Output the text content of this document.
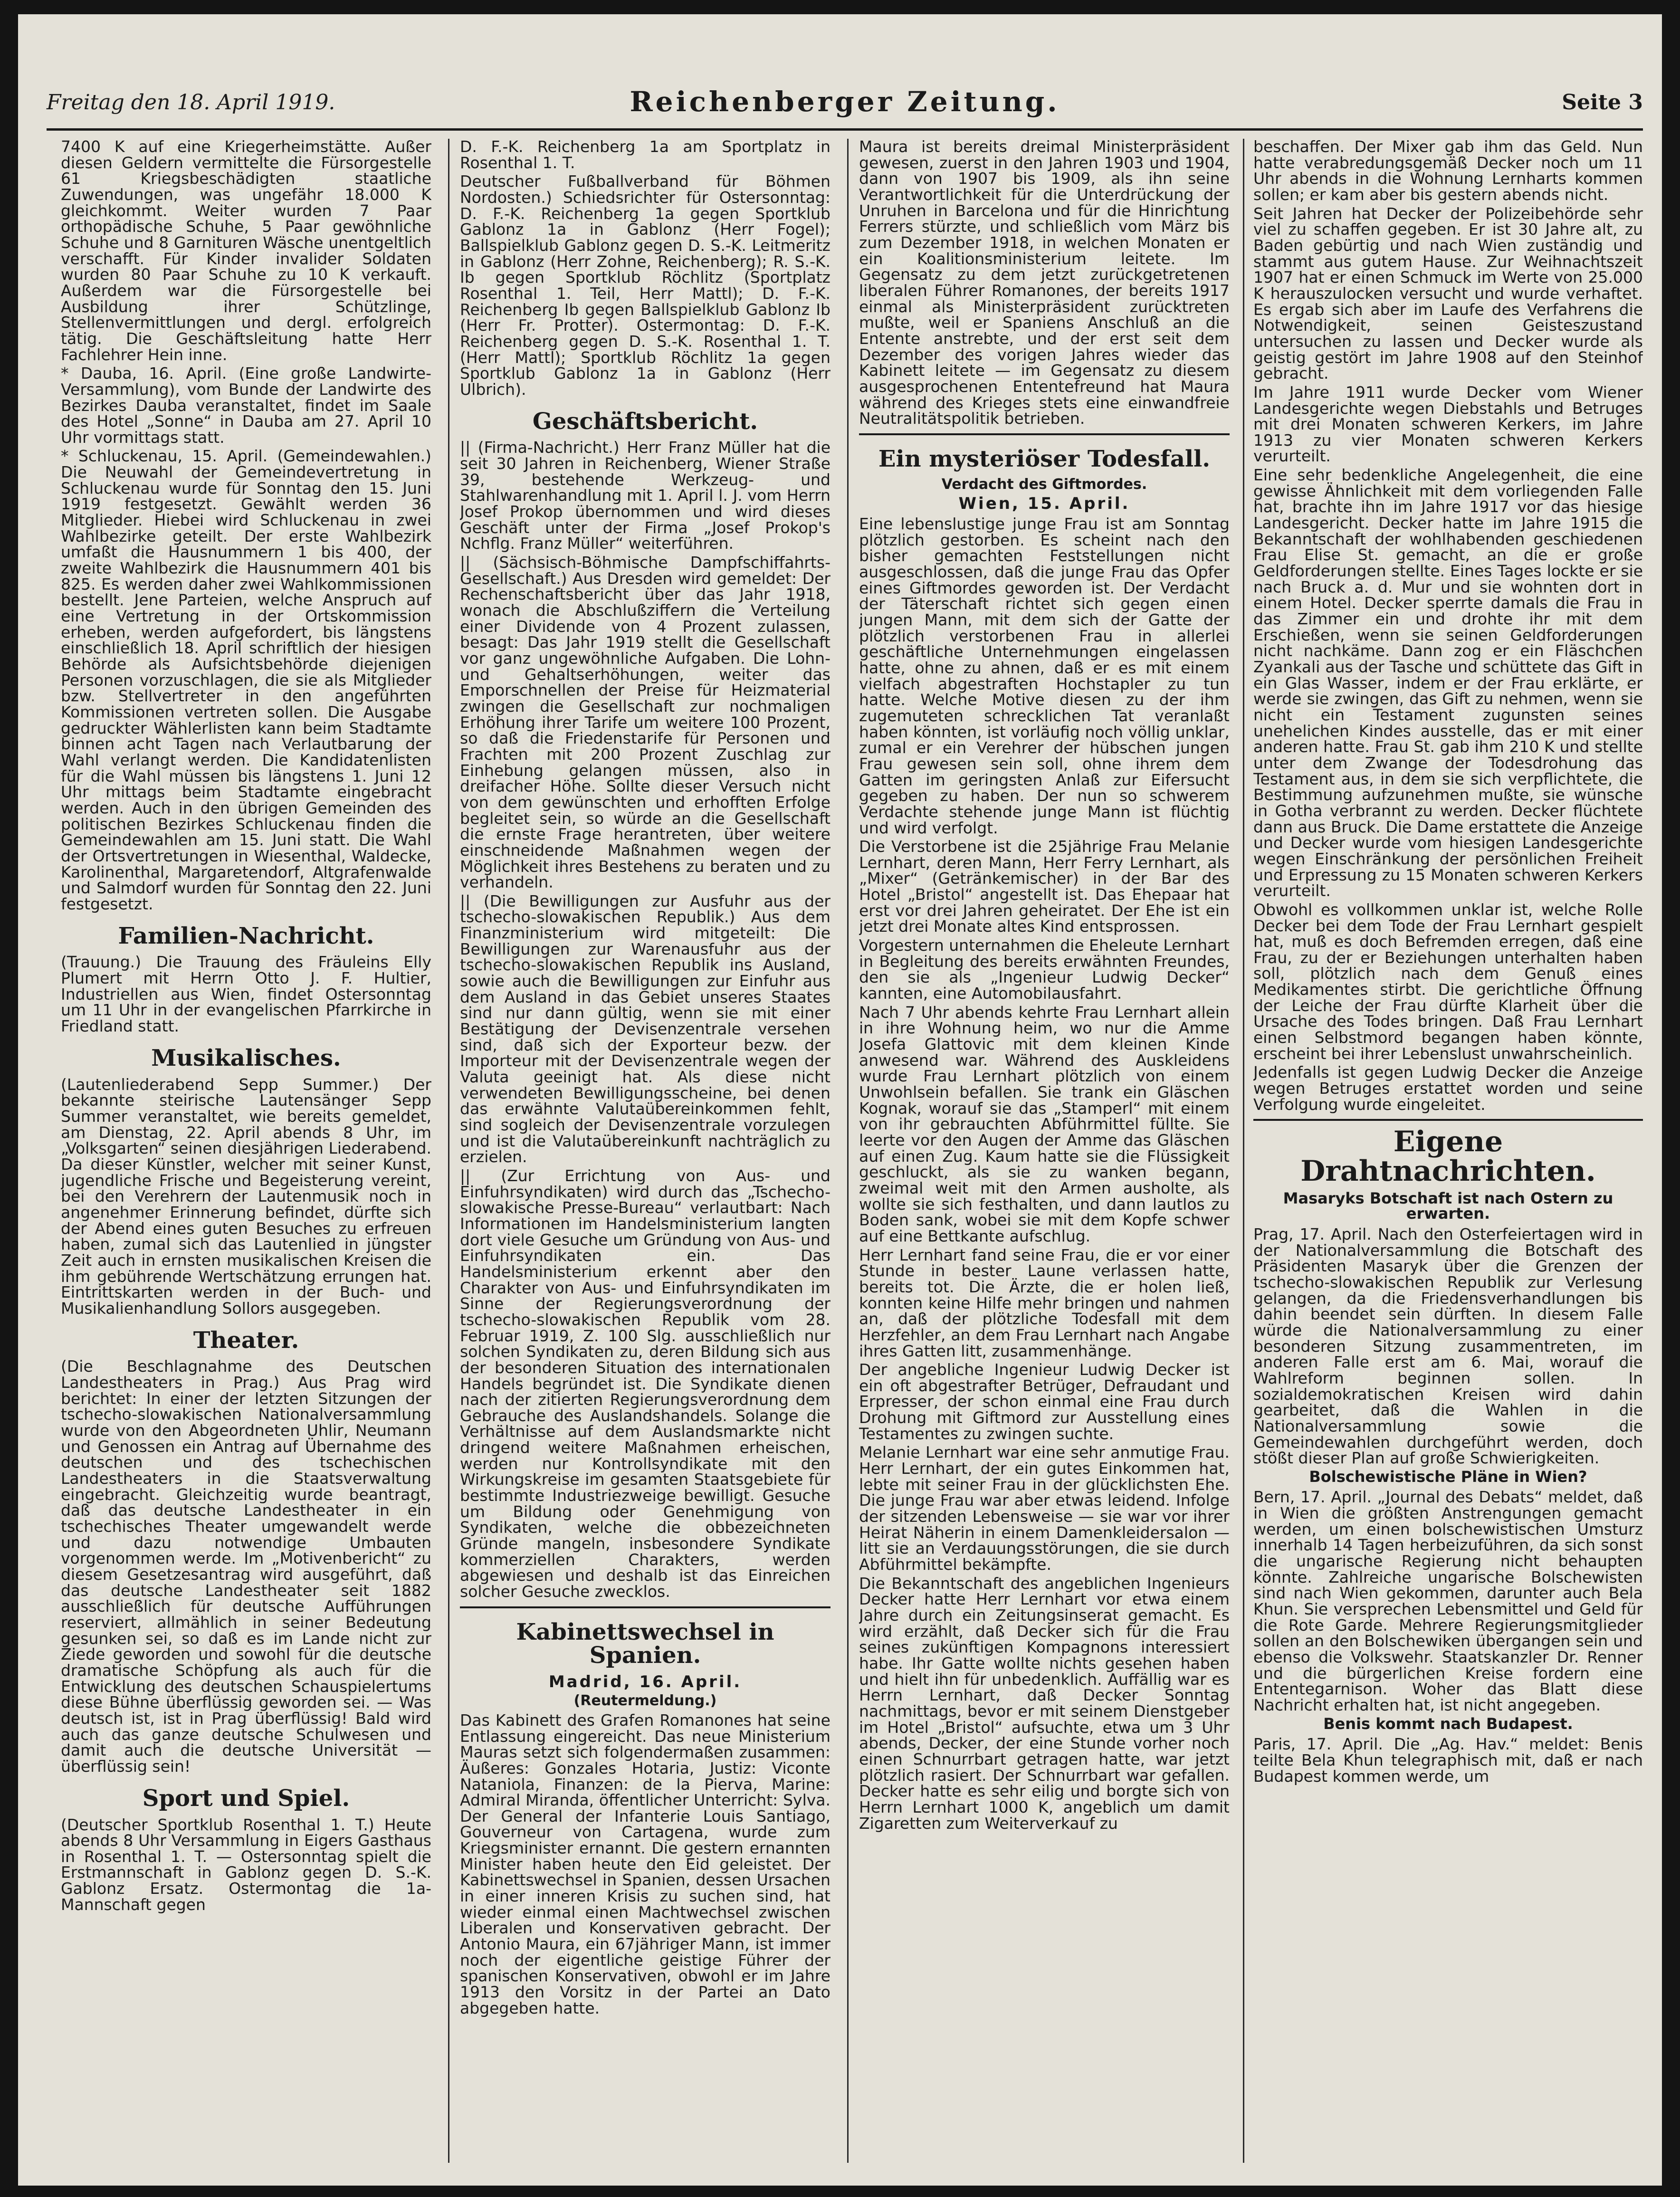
Freitag den 18. April 1919.	Reichenberger Zeitung.	Seite 3

7400 K auf eine Kriegerheimstätte. Außer diesen Geldern vermittelte die Fürsorgestelle 61 Kriegsbeschädigten staatliche Zuwendungen, was ungefähr 18.000 K gleichkommt. Weiter wurden 7 Paar orthopädische Schuhe, 5 Paar gewöhnliche Schuhe und 8 Garnituren Wäsche unentgeltlich verschafft. Für Kinder invalider Soldaten wurden 80 Paar Schuhe zu 10 K verkauft. Außerdem war die Fürsorgestelle bei Ausbildung ihrer Schützlinge, Stellenvermittlungen und dergl. erfolgreich tätig. Die Geschäftsleitung hatte Herr Fachlehrer Hein inne.

* Dauba, 16. April. (Eine große Landwirte-Versammlung), vom Bunde der Landwirte des Bezirkes Dauba veranstaltet, findet im Saale des Hotel „Sonne“ in Dauba am 27. April 10 Uhr vormittags statt.

* Schluckenau, 15. April. (Gemeindewahlen.) Die Neuwahl der Gemeindevertretung in Schluckenau wurde für Sonntag den 15. Juni 1919 festgesetzt. Gewählt werden 36 Mitglieder. Hiebei wird Schluckenau in zwei Wahlbezirke geteilt. Der erste Wahlbezirk umfaßt die Hausnummern 1 bis 400, der zweite Wahlbezirk die Hausnummern 401 bis 825. Es werden daher zwei Wahlkommissionen bestellt. Jene Parteien, welche Anspruch auf eine Vertretung in der Ortskommission erheben, werden aufgefordert, bis längstens einschließlich 18. April schriftlich der hiesigen Behörde als Aufsichtsbehörde diejenigen Personen vorzuschlagen, die sie als Mitglieder bzw. Stellvertreter in den angeführten Kommissionen vertreten sollen. Die Ausgabe gedruckter Wählerlisten kann beim Stadtamte binnen acht Tagen nach Verlautbarung der Wahl verlangt werden. Die Kandidatenlisten für die Wahl müssen bis längstens 1. Juni 12 Uhr mittags beim Stadtamte eingebracht werden. Auch in den übrigen Gemeinden des politischen Bezirkes Schluckenau finden die Gemeindewahlen am 15. Juni statt. Die Wahl der Ortsvertretungen in Wiesenthal, Waldecke, Karolinenthal, Margaretendorf, Altgrafenwalde und Salmdorf wurden für Sonntag den 22. Juni festgesetzt.

Familien-Nachricht.

(Trauung.) Die Trauung des Fräuleins Elly Plumert mit Herrn Otto J. F. Hultier, Industriellen aus Wien, findet Ostersonntag um 11 Uhr in der evangelischen Pfarrkirche in Friedland statt.

Musikalisches.

(Lautenliederabend Sepp Summer.) Der bekannte steirische Lautensänger Sepp Summer veranstaltet, wie bereits gemeldet, am Dienstag, 22. April abends 8 Uhr, im „Volksgarten“ seinen diesjährigen Liederabend. Da dieser Künstler, welcher mit seiner Kunst, jugendliche Frische und Begeisterung vereint, bei den Verehrern der Lautenmusik noch in angenehmer Erinnerung befindet, dürfte sich der Abend eines guten Besuches zu erfreuen haben, zumal sich das Lautenlied in jüngster Zeit auch in ernsten musikalischen Kreisen die ihm gebührende Wertschätzung errungen hat. Eintrittskarten werden in der Buch- und Musikalienhandlung Sollors ausgegeben.

Theater.

(Die Beschlagnahme des Deutschen Landestheaters in Prag.) Aus Prag wird berichtet: In einer der letzten Sitzungen der tschecho-slowakischen Nationalversammlung wurde von den Abgeordneten Uhlir, Neumann und Genossen ein Antrag auf Übernahme des deutschen und des tschechischen Landestheaters in die Staatsverwaltung eingebracht. Gleichzeitig wurde beantragt, daß das deutsche Landestheater in ein tschechisches Theater umgewandelt werde und dazu notwendige Umbauten vorgenommen werde. Im „Motivenbericht“ zu diesem Gesetzesantrag wird ausgeführt, daß das deutsche Landestheater seit 1882 ausschließlich für deutsche Aufführungen reserviert, allmählich in seiner Bedeutung gesunken sei, so daß es im Lande nicht zur Ziede geworden und sowohl für die deutsche dramatische Schöpfung als auch für die Entwicklung des deutschen Schauspielertums diese Bühne überflüssig geworden sei. — Was deutsch ist, ist in Prag überflüssig! Bald wird auch das ganze deutsche Schulwesen und damit auch die deutsche Universität — überflüssig sein!

Sport und Spiel.

(Deutscher Sportklub Rosenthal 1. T.) Heute abends 8 Uhr Versammlung in Eigers Gasthaus in Rosenthal 1. T. — Ostersonntag spielt die Erstmannschaft in Gablonz gegen D. S.-K. Gablonz Ersatz. Ostermontag die 1a-Mannschaft gegen

D. F.-K. Reichenberg 1a am Sportplatz in Rosenthal 1. T.

Deutscher Fußballverband für Böhmen Nordosten.) Schiedsrichter für Ostersonntag: D. F.-K. Reichenberg 1a gegen Sportklub Gablonz 1a in Gablonz (Herr Fogel); Ballspielklub Gablonz gegen D. S.-K. Leitmeritz in Gablonz (Herr Zohne, Reichenberg); R. S.-K. Ib gegen Sportklub Röchlitz (Sportplatz Rosenthal 1. Teil, Herr Mattl); D. F.-K. Reichenberg Ib gegen Ballspielklub Gablonz Ib (Herr Fr. Protter). Ostermontag: D. F.-K. Reichenberg gegen D. S.-K. Rosenthal 1. T. (Herr Mattl); Sportklub Röchlitz 1a gegen Sportklub Gablonz 1a in Gablonz (Herr Ulbrich).

Geschäftsbericht.

|| (Firma-Nachricht.) Herr Franz Müller hat die seit 30 Jahren in Reichenberg, Wiener Straße 39, bestehende Werkzeug- und Stahlwarenhandlung mit 1. April l. J. vom Herrn Josef Prokop übernommen und wird dieses Geschäft unter der Firma „Josef Prokop's Nchflg. Franz Müller“ weiterführen.

|| (Sächsisch-Böhmische Dampfschiffahrts-Gesellschaft.) Aus Dresden wird gemeldet: Der Rechenschaftsbericht über das Jahr 1918, wonach die Abschlußziffern die Verteilung einer Dividende von 4 Prozent zulassen, besagt: Das Jahr 1919 stellt die Gesellschaft vor ganz ungewöhnliche Aufgaben. Die Lohn- und Gehaltserhöhungen, weiter das Emporschnellen der Preise für Heizmaterial zwingen die Gesellschaft zur nochmaligen Erhöhung ihrer Tarife um weitere 100 Prozent, so daß die Friedenstarife für Personen und Frachten mit 200 Prozent Zuschlag zur Einhebung gelangen müssen, also in dreifacher Höhe. Sollte dieser Versuch nicht von dem gewünschten und erhofften Erfolge begleitet sein, so würde an die Gesellschaft die ernste Frage herantreten, über weitere einschneidende Maßnahmen wegen der Möglichkeit ihres Bestehens zu beraten und zu verhandeln.

|| (Die Bewilligungen zur Ausfuhr aus der tschecho-slowakischen Republik.) Aus dem Finanzministerium wird mitgeteilt: Die Bewilligungen zur Warenausfuhr aus der tschecho-slowakischen Republik ins Ausland, sowie auch die Bewilligungen zur Einfuhr aus dem Ausland in das Gebiet unseres Staates sind nur dann gültig, wenn sie mit einer Bestätigung der Devisenzentrale versehen sind, daß sich der Exporteur bezw. der Importeur mit der Devisenzentrale wegen der Valuta geeinigt hat. Als diese nicht verwendeten Bewilligungsscheine, bei denen das erwähnte Valutaübereinkommen fehlt, sind sogleich der Devisenzentrale vorzulegen und ist die Valutaübereinkunft nachträglich zu erzielen.

|| (Zur Errichtung von Aus- und Einfuhrsyndikaten) wird durch das „Tschecho-slowakische Presse-Bureau“ verlautbart: Nach Informationen im Handelsministerium langten dort viele Gesuche um Gründung von Aus- und Einfuhrsyndikaten ein. Das Handelsministerium erkennt aber den Charakter von Aus- und Einfuhrsyndikaten im Sinne der Regierungsverordnung der tschecho-slowakischen Republik vom 28. Februar 1919, Z. 100 Slg. ausschließlich nur solchen Syndikaten zu, deren Bildung sich aus der besonderen Situation des internationalen Handels begründet ist. Die Syndikate dienen nach der zitierten Regierungsverordnung dem Gebrauche des Auslandshandels. Solange die Verhältnisse auf dem Auslandsmarkte nicht dringend weitere Maßnahmen erheischen, werden nur Kontrollsyndikate mit den Wirkungskreise im gesamten Staatsgebiete für bestimmte Industriezweige bewilligt. Gesuche um Bildung oder Genehmigung von Syndikaten, welche die obbezeichneten Gründe mangeln, insbesondere Syndikate kommerziellen Charakters, werden abgewiesen und deshalb ist das Einreichen solcher Gesuche zwecklos.

Kabinettswechsel in Spanien.
Madrid, 16. April.
(Reutermeldung.)

Das Kabinett des Grafen Romanones hat seine Entlassung eingereicht. Das neue Ministerium Mauras setzt sich folgendermaßen zusammen: Äußeres: Gonzales Hotaria, Justiz: Viconte Nataniola, Finanzen: de la Pierva, Marine: Admiral Miranda, öffentlicher Unterricht: Sylva. Der General der Infanterie Louis Santiago, Gouverneur von Cartagena, wurde zum Kriegsminister ernannt. Die gestern ernannten Minister haben heute den Eid geleistet. Der Kabinettswechsel in Spanien, dessen Ursachen in einer inneren Krisis zu suchen sind, hat wieder einmal einen Machtwechsel zwischen Liberalen und Konservativen gebracht. Der Antonio Maura, ein 67jähriger Mann, ist immer noch der eigentliche geistige Führer der spanischen Konservativen, obwohl er im Jahre 1913 den Vorsitz in der Partei an Dato abgegeben hatte.

Maura ist bereits dreimal Ministerpräsident gewesen, zuerst in den Jahren 1903 und 1904, dann von 1907 bis 1909, als ihn seine Verantwortlichkeit für die Unterdrückung der Unruhen in Barcelona und für die Hinrichtung Ferrers stürzte, und schließlich vom März bis zum Dezember 1918, in welchen Monaten er ein Koalitionsministerium leitete. Im Gegensatz zu dem jetzt zurückgetretenen liberalen Führer Romanones, der bereits 1917 einmal als Ministerpräsident zurücktreten mußte, weil er Spaniens Anschluß an die Entente anstrebte, und der erst seit dem Dezember des vorigen Jahres wieder das Kabinett leitete — im Gegensatz zu diesem ausgesprochenen Ententefreund hat Maura während des Krieges stets eine einwandfreie Neutralitätspolitik betrieben.

Ein mysteriöser Todesfall.
Verdacht des Giftmordes.
Wien, 15. April.

Eine lebenslustige junge Frau ist am Sonntag plötzlich gestorben. Es scheint nach den bisher gemachten Feststellungen nicht ausgeschlossen, daß die junge Frau das Opfer eines Giftmordes geworden ist. Der Verdacht der Täterschaft richtet sich gegen einen jungen Mann, mit dem sich der Gatte der plötzlich verstorbenen Frau in allerlei geschäftliche Unternehmungen eingelassen hatte, ohne zu ahnen, daß er es mit einem vielfach abgestraften Hochstapler zu tun hatte. Welche Motive diesen zu der ihm zugemuteten schrecklichen Tat veranlaßt haben könnten, ist vorläufig noch völlig unklar, zumal er ein Verehrer der hübschen jungen Frau gewesen sein soll, ohne ihrem dem Gatten im geringsten Anlaß zur Eifersucht gegeben zu haben. Der nun so schwerem Verdachte stehende junge Mann ist flüchtig und wird verfolgt.

Die Verstorbene ist die 25jährige Frau Melanie Lernhart, deren Mann, Herr Ferry Lernhart, als „Mixer“ (Getränkemischer) in der Bar des Hotel „Bristol“ angestellt ist. Das Ehepaar hat erst vor drei Jahren geheiratet. Der Ehe ist ein jetzt drei Monate altes Kind entsprossen.

Vorgestern unternahmen die Eheleute Lernhart in Begleitung des bereits erwähnten Freundes, den sie als „Ingenieur Ludwig Decker“ kannten, eine Automobilausfahrt.

Nach 7 Uhr abends kehrte Frau Lernhart allein in ihre Wohnung heim, wo nur die Amme Josefa Glattovic mit dem kleinen Kinde anwesend war. Während des Auskleidens wurde Frau Lernhart plötzlich von einem Unwohlsein befallen. Sie trank ein Gläschen Kognak, worauf sie das „Stamperl“ mit einem von ihr gebrauchten Abführmittel füllte. Sie leerte vor den Augen der Amme das Gläschen auf einen Zug. Kaum hatte sie die Flüssigkeit geschluckt, als sie zu wanken begann, zweimal weit mit den Armen ausholte, als wollte sie sich festhalten, und dann lautlos zu Boden sank, wobei sie mit dem Kopfe schwer auf eine Bettkante aufschlug.

Herr Lernhart fand seine Frau, die er vor einer Stunde in bester Laune verlassen hatte, bereits tot. Die Ärzte, die er holen ließ, konnten keine Hilfe mehr bringen und nahmen an, daß der plötzliche Todesfall mit dem Herzfehler, an dem Frau Lernhart nach Angabe ihres Gatten litt, zusammenhänge.

Der angebliche Ingenieur Ludwig Decker ist ein oft abgestrafter Betrüger, Defraudant und Erpresser, der schon einmal eine Frau durch Drohung mit Giftmord zur Ausstellung eines Testamentes zu zwingen suchte.

Melanie Lernhart war eine sehr anmutige Frau. Herr Lernhart, der ein gutes Einkommen hat, lebte mit seiner Frau in der glücklichsten Ehe. Die junge Frau war aber etwas leidend. Infolge der sitzenden Lebensweise — sie war vor ihrer Heirat Näherin in einem Damenkleidersalon — litt sie an Verdauungsstörungen, die sie durch Abführmittel bekämpfte.

Die Bekanntschaft des angeblichen Ingenieurs Decker hatte Herr Lernhart vor etwa einem Jahre durch ein Zeitungsinserat gemacht. Es wird erzählt, daß Decker sich für die Frau seines zukünftigen Kompagnons interessiert habe. Ihr Gatte wollte nichts gesehen haben und hielt ihn für unbedenklich. Auffällig war es Herrn Lernhart, daß Decker Sonntag nachmittags, bevor er mit seinem Dienstgeber im Hotel „Bristol“ aufsuchte, etwa um 3 Uhr abends, Decker, der eine Stunde vorher noch einen Schnurrbart getragen hatte, war jetzt plötzlich rasiert. Der Schnurrbart war gefallen. Decker hatte es sehr eilig und borgte sich von Herrn Lernhart 1000 K, angeblich um damit Zigaretten zum Weiterverkauf zu

beschaffen. Der Mixer gab ihm das Geld. Nun hatte verabredungsgemäß Decker noch um 11 Uhr abends in die Wohnung Lernharts kommen sollen; er kam aber bis gestern abends nicht.

Seit Jahren hat Decker der Polizeibehörde sehr viel zu schaffen gegeben. Er ist 30 Jahre alt, zu Baden gebürtig und nach Wien zuständig und stammt aus gutem Hause. Zur Weihnachtszeit 1907 hat er einen Schmuck im Werte von 25.000 K herauszulocken versucht und wurde verhaftet. Es ergab sich aber im Laufe des Verfahrens die Notwendigkeit, seinen Geisteszustand untersuchen zu lassen und Decker wurde als geistig gestört im Jahre 1908 auf den Steinhof gebracht.

Im Jahre 1911 wurde Decker vom Wiener Landesgerichte wegen Diebstahls und Betruges mit drei Monaten schweren Kerkers, im Jahre 1913 zu vier Monaten schweren Kerkers verurteilt.

Eine sehr bedenkliche Angelegenheit, die eine gewisse Ähnlichkeit mit dem vorliegenden Falle hat, brachte ihn im Jahre 1917 vor das hiesige Landesgericht. Decker hatte im Jahre 1915 die Bekanntschaft der wohlhabenden geschiedenen Frau Elise St. gemacht, an die er große Geldforderungen stellte. Eines Tages lockte er sie nach Bruck a. d. Mur und sie wohnten dort in einem Hotel. Decker sperrte damals die Frau in das Zimmer ein und drohte ihr mit dem Erschießen, wenn sie seinen Geldforderungen nicht nachkäme. Dann zog er ein Fläschchen Zyankali aus der Tasche und schüttete das Gift in ein Glas Wasser, indem er der Frau erklärte, er werde sie zwingen, das Gift zu nehmen, wenn sie nicht ein Testament zugunsten seines unehelichen Kindes ausstelle, das er mit einer anderen hatte. Frau St. gab ihm 210 K und stellte unter dem Zwange der Todesdrohung das Testament aus, in dem sie sich verpflichtete, die Bestimmung aufzunehmen mußte, sie wünsche in Gotha verbrannt zu werden. Decker flüchtete dann aus Bruck. Die Dame erstattete die Anzeige und Decker wurde vom hiesigen Landesgerichte wegen Einschränkung der persönlichen Freiheit und Erpressung zu 15 Monaten schweren Kerkers verurteilt.

Obwohl es vollkommen unklar ist, welche Rolle Decker bei dem Tode der Frau Lernhart gespielt hat, muß es doch Befremden erregen, daß eine Frau, zu der er Beziehungen unterhalten haben soll, plötzlich nach dem Genuß eines Medikamentes stirbt. Die gerichtliche Öffnung der Leiche der Frau dürfte Klarheit über die Ursache des Todes bringen. Daß Frau Lernhart einen Selbstmord begangen haben könnte, erscheint bei ihrer Lebenslust unwahrscheinlich.

Jedenfalls ist gegen Ludwig Decker die Anzeige wegen Betruges erstattet worden und seine Verfolgung wurde eingeleitet.

Eigene Drahtnachrichten.
Masaryks Botschaft ist nach Ostern zu erwarten.

Prag, 17. April. Nach den Osterfeiertagen wird in der Nationalversammlung die Botschaft des Präsidenten Masaryk über die Grenzen der tschecho-slowakischen Republik zur Verlesung gelangen, da die Friedensverhandlungen bis dahin beendet sein dürften. In diesem Falle würde die Nationalversammlung zu einer besonderen Sitzung zusammentreten, im anderen Falle erst am 6. Mai, worauf die Wahlreform beginnen sollen. In sozialdemokratischen Kreisen wird dahin gearbeitet, daß die Wahlen in die Nationalversammlung sowie die Gemeindewahlen durchgeführt werden, doch stößt dieser Plan auf große Schwierigkeiten.

Bolschewistische Pläne in Wien?

Bern, 17. April. „Journal des Debats“ meldet, daß in Wien die größten Anstrengungen gemacht werden, um einen bolschewistischen Umsturz innerhalb 14 Tagen herbeizuführen, da sich sonst die ungarische Regierung nicht behaupten könnte. Zahlreiche ungarische Bolschewisten sind nach Wien gekommen, darunter auch Bela Khun. Sie versprechen Lebensmittel und Geld für die Rote Garde. Mehrere Regierungsmitglieder sollen an den Bolschewiken übergangen sein und ebenso die Volkswehr. Staatskanzler Dr. Renner und die bürgerlichen Kreise fordern eine Ententegarnison. Woher das Blatt diese Nachricht erhalten hat, ist nicht angegeben.

Benis kommt nach Budapest.

Paris, 17. April. Die „Ag. Hav.“ meldet: Benis teilte Bela Khun telegraphisch mit, daß er nach Budapest kommen werde, um
